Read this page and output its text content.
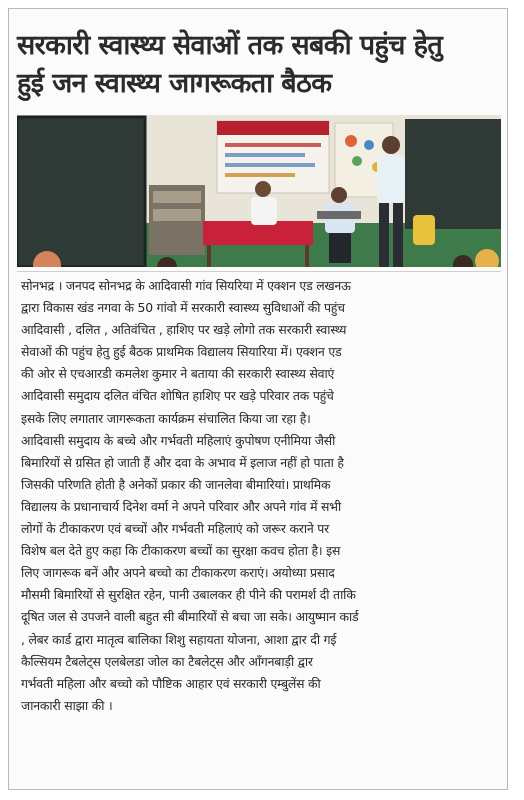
सरकारी स्वास्थ्य सेवाओं तक सबकी पहुंच हेतु
हुई जन स्वास्थ्य जागरूकता बैठक
सोनभद्र । जनपद सोनभद्र के आदिवासी गांव सियरिया में एक्शन एड लखनऊ
द्वारा विकास खंड नगवा के 50 गांवो में सरकारी स्वास्थ्य सुविधाओं की पहुंच
आदिवासी , दलित , अतिवंचित , हाशिए पर खड़े लोगो तक सरकारी स्वास्थ्य
सेवाओं की पहुंच हेतु हुई बैठक प्राथमिक विद्यालय सियारिया में। एक्शन एड
की ओर से एचआरडी कमलेश कुमार ने बताया की सरकारी स्वास्थ्य सेवाएं
आदिवासी समुदाय दलित वंचित शोषित हाशिए पर खड़े परिवार तक पहुंचे
इसके लिए लगातार जागरूकता कार्यक्रम संचालित किया जा रहा है।
आदिवासी समुदाय के बच्चे और गर्भवती महिलाएं कुपोषण एनीमिया जैसी
बिमारियों से ग्रसित हो जाती हैं और दवा के अभाव में इलाज नहीं हो पाता है
जिसकी परिणति होती है अनेकों प्रकार की जानलेवा बीमारियां। प्राथमिक
विद्यालय के प्रधानाचार्य दिनेश वर्मा ने अपने परिवार और अपने गांव में सभी
लोगों के टीकाकरण एवं बच्चों और गर्भवती महिलाएं को जरूर कराने पर
विशेष बल देते हुए कहा कि टीकाकरण बच्चों का सुरक्षा कवच होता है। इस
लिए जागरूक बनें और अपने बच्चो का टीकाकरण कराएं। अयोध्या प्रसाद
मौसमी बिमारियों से सुरक्षित रहेन, पानी उबालकर ही पीने की परामर्श दी ताकि
दूषित जल से उपजने वाली बहुत सी बीमारियों से बचा जा सके। आयुष्मान कार्ड
, लेबर कार्ड द्वारा मातृत्व बालिका शिशु सहायता योजना, आशा द्वार दी गई
कैल्सियम टैबलेट्स एलबेलडा जोल का टैबलेट्स और आँगनबाड़ी द्वार
गर्भवती महिला और बच्चो को पौष्टिक आहार एवं सरकारी एम्बुलेंस की
जानकारी साझा की ।
